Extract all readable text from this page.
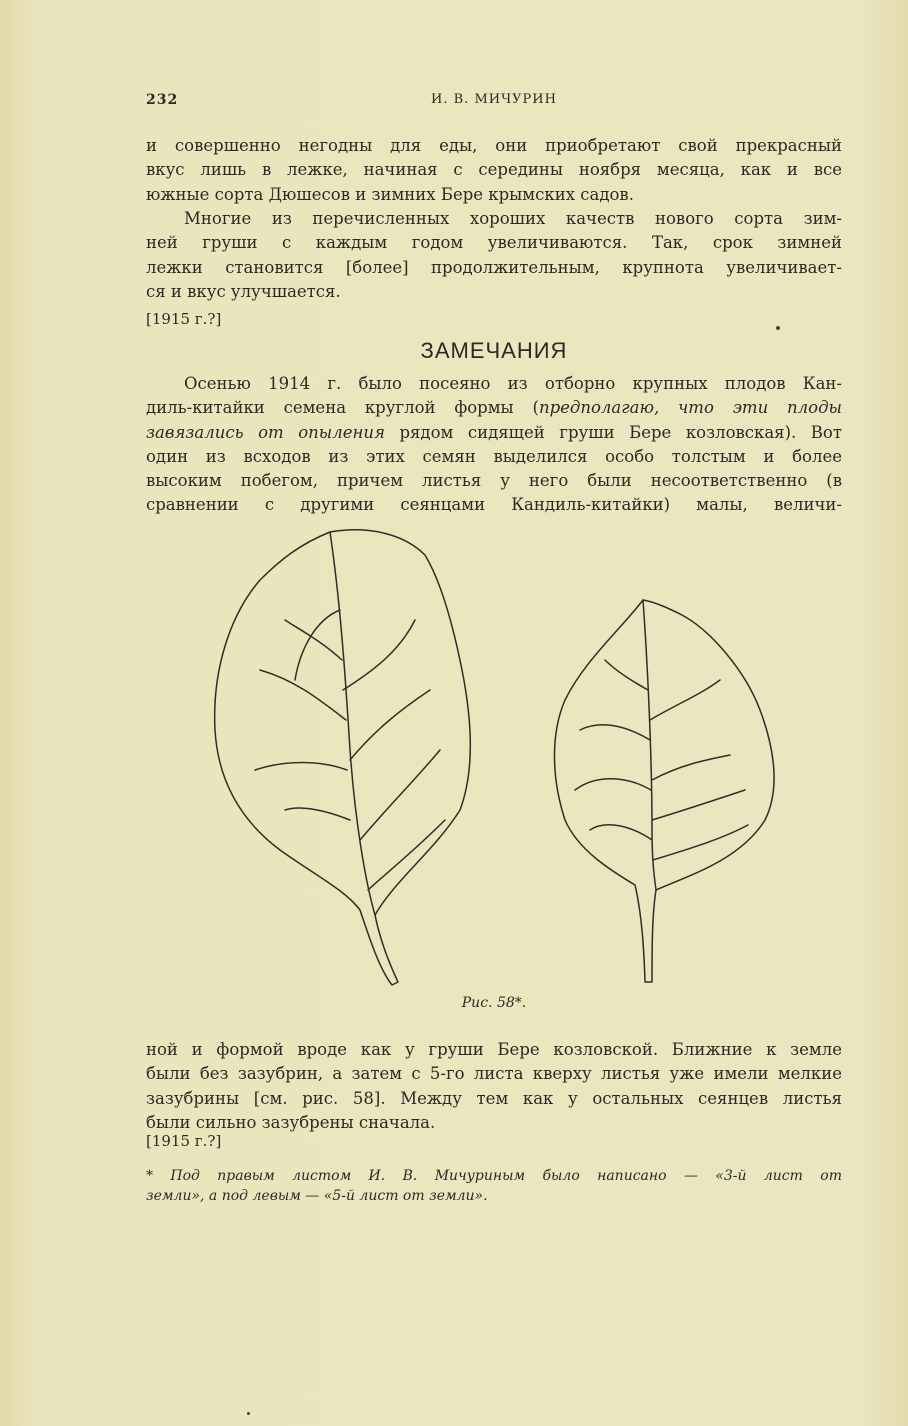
232	И. В. МИЧУРИН
и совершенно негодны для еды, они приобретают свой прекрасный
вкус лишь в лежке, начиная с середины ноября месяца, как и все
южные сорта Дюшесов и зимних Бере крымских садов.
Многие из перечисленных хороших качеств нового сорта зим-
ней груши с каждым годом увеличиваются. Так, срок зимней
лежки становится [более] продолжительным, крупнота увеличивает-
ся и вкус улучшается.
[1915 г.?]
ЗАМЕЧАНИЯ
Осенью 1914 г. было посеяно из отборно крупных плодов Кан-
диль-китайки семена круглой формы (предполагаю, что эти плоды
завязались от опыления рядом сидящей груши Бере козловская). Вот
один из всходов из этих семян выделился особо толстым и более
высоким побегом, причем листья у него были несоответственно (в
сравнении с другими сеянцами Кандиль-китайки) малы, величи-
Рис. 58*.
ной и формой вроде как у груши Бере козловской. Ближние к земле
были без зазубрин, а затем с 5-го листа кверху листья уже имели мелкие
зазубрины [см. рис. 58]. Между тем как у остальных сеянцев листья
были сильно зазубрены сначала.
[1915 г.?]
* Под правым листом И. В. Мичуриным было написано — «3-й лист от
земли», а под левым — «5-й лист от земли».
